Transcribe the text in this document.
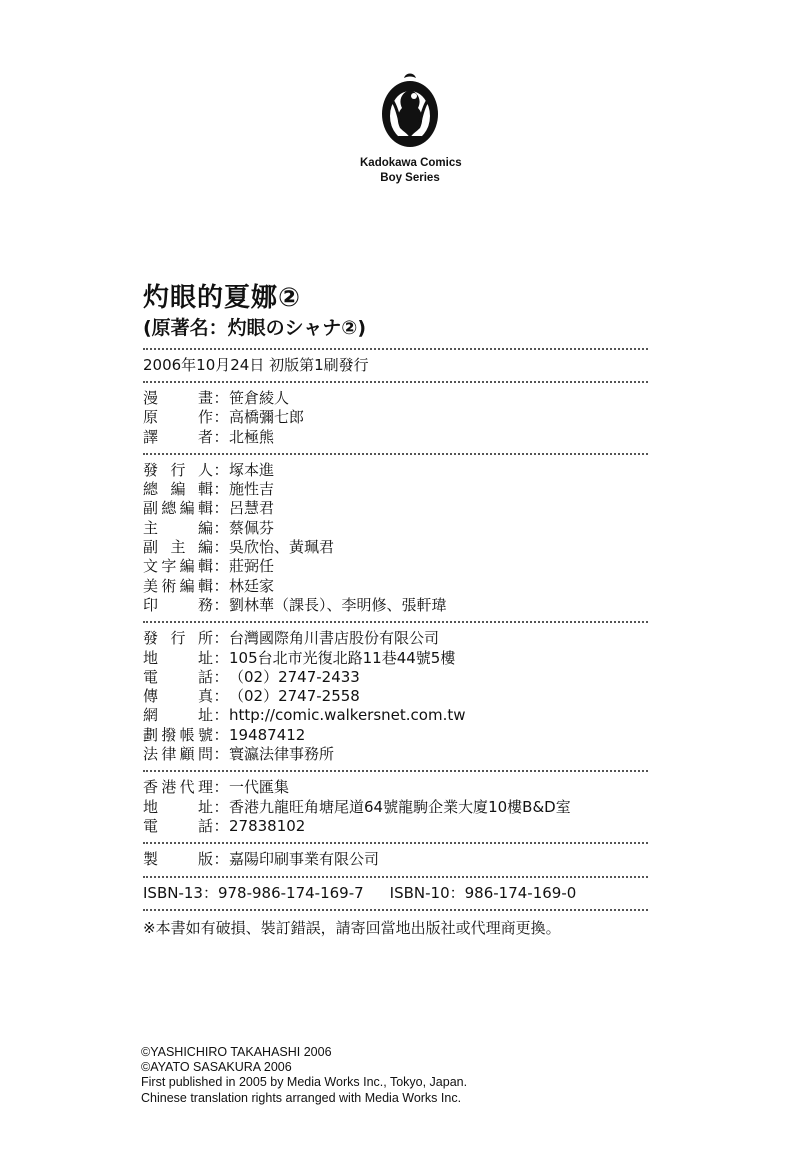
Kadokawa Comics
Boy Series
灼眼的夏娜②
(原著名：灼眼のシャナ②)
2006年10月24日 初版第1刷發行
漫畫 ： 笹倉綾人
原作 ： 高橋彌七郎
譯者 ： 北極熊
發行人 ： 塚本進
總編輯 ： 施性吉
副總編輯 ： 呂慧君
主編 ： 蔡佩芬
副主編 ： 吳欣怡、黃珮君
文字編輯 ： 莊弼任
美術編輯 ： 林廷家
印務 ： 劉林華（課長）、李明修、張軒瑋
發行所 ： 台灣國際角川書店股份有限公司
地址 ： 105台北市光復北路11巷44號5樓
電話 ： （02）2747-2433
傳真 ： （02）2747-2558
網址 ： http://comic.walkersnet.com.tw
劃撥帳號 ： 19487412
法律顧問 ： 寰瀛法律事務所
香港代理 ： 一代匯集
地址 ： 香港九龍旺角塘尾道64號龍駒企業大廈10樓B&D室
電話 ： 27838102
製版 ： 嘉陽印刷事業有限公司
ISBN-13：978-986-174-169-7 ISBN-10：986-174-169-0
※本書如有破損、裝訂錯誤，請寄回當地出版社或代理商更換。
©YASHICHIRO TAKAHASHI 2006
©AYATO SASAKURA 2006
First published in 2005 by Media Works Inc., Tokyo, Japan.
Chinese translation rights arranged with Media Works Inc.
